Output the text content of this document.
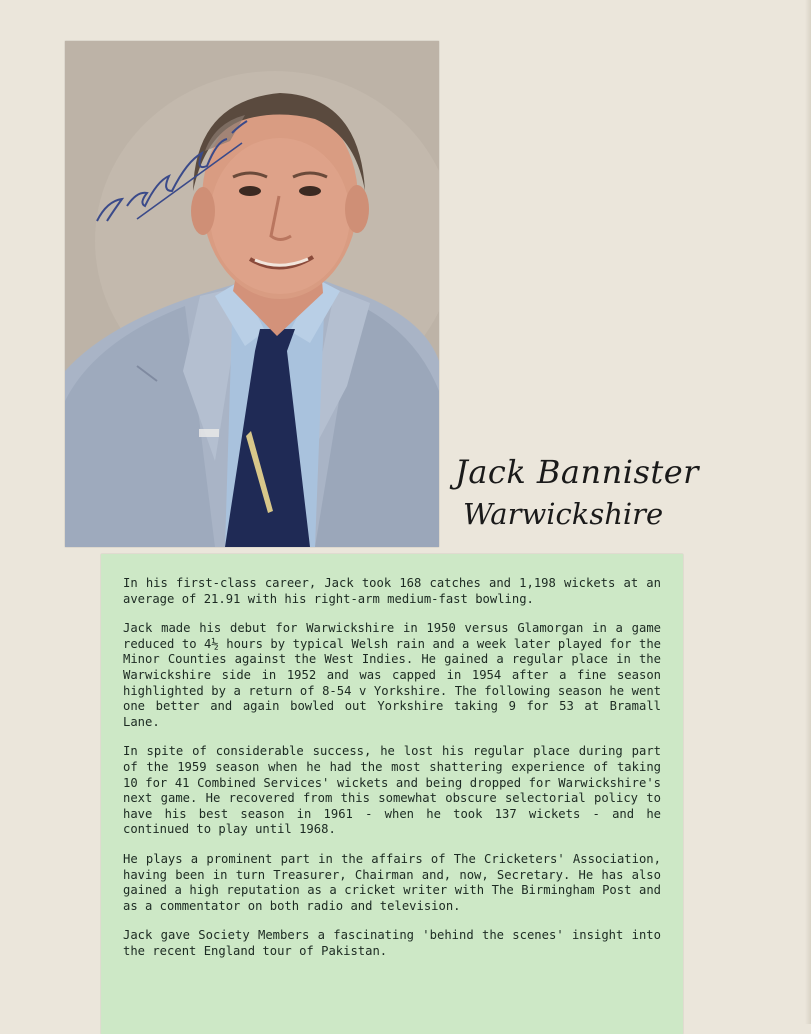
Jack Bannister
Warwickshire

In his first-class career, Jack took 168 catches and 1,198 wickets at an average of 21.91 with his right-arm medium-fast bowling.

Jack made his debut for Warwickshire in 1950 versus Glamorgan in a game reduced to 4½ hours by typical Welsh rain and a week later played for the Minor Counties against the West Indies. He gained a regular place in the Warwickshire side in 1952 and was capped in 1954 after a fine season highlighted by a return of 8-54 v Yorkshire. The following season he went one better and again bowled out Yorkshire taking 9 for 53 at Bramall Lane.

In spite of considerable success, he lost his regular place during part of the 1959 season when he had the most shattering experience of taking 10 for 41 Combined Services' wickets and being dropped for Warwickshire's next game. He recovered from this somewhat obscure selectorial policy to have his best season in 1961 - when he took 137 wickets - and he continued to play until 1968.

He plays a prominent part in the affairs of The Cricketers' Association, having been in turn Treasurer, Chairman and, now, Secretary. He has also gained a high reputation as a cricket writer with The Birmingham Post and as a commentator on both radio and television.

Jack gave Society Members a fascinating 'behind the scenes' insight into the recent England tour of Pakistan.
